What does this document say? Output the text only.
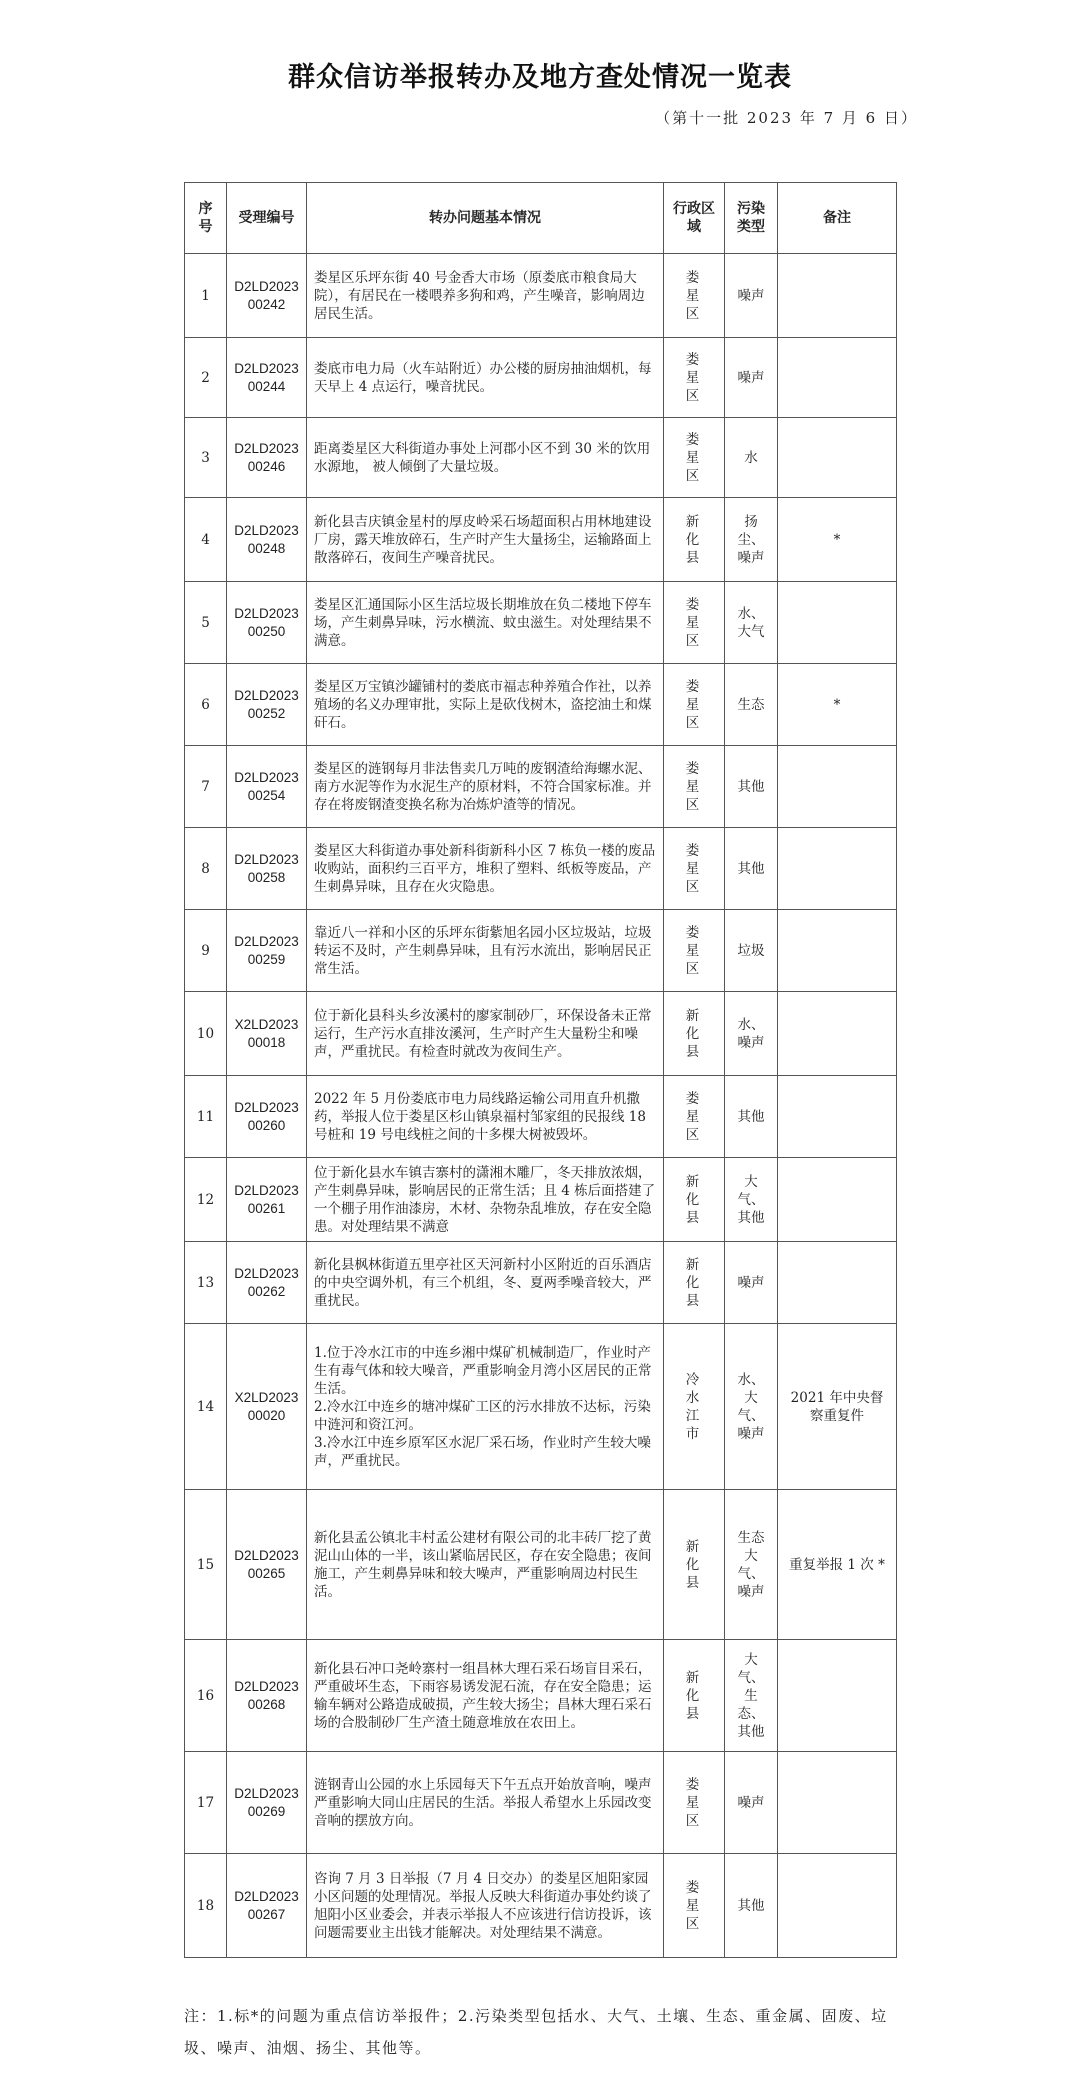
群众信访举报转办及地方查处情况一览表
（第十一批 2023 年 7 月 6 日）
序号	受理编号	转办问题基本情况	行政区域	污染类型	备注
1	D2LD2023 00242	娄星区乐坪东街 40 号金香大市场（原娄底市粮食局大院），有居民在一楼喂养多狗和鸡，产生噪音，影响周边居民生活。	娄星区	噪声	
2	D2LD2023 00244	娄底市电力局（火车站附近）办公楼的厨房抽油烟机，每天早上 4 点运行，噪音扰民。	娄星区	噪声	
3	D2LD2023 00246	距离娄星区大科街道办事处上河郡小区不到 30 米的饮用水源地， 被人倾倒了大量垃圾。	娄星区	水	
4	D2LD2023 00248	新化县吉庆镇金星村的厚皮岭采石场超面积占用林地建设厂房，露天堆放碎石，生产时产生大量扬尘，运输路面上散落碎石，夜间生产噪音扰民。	新化县	扬尘、噪声	*
5	D2LD2023 00250	娄星区汇通国际小区生活垃圾长期堆放在负二楼地下停车场，产生刺鼻异味，污水横流、蚊虫滋生。对处理结果不满意。	娄星区	水、大气	
6	D2LD2023 00252	娄星区万宝镇沙罐铺村的娄底市福志种养殖合作社，以养殖场的名义办理审批，实际上是砍伐树木，盗挖油土和煤矸石。	娄星区	生态	*
7	D2LD2023 00254	娄星区的涟钢每月非法售卖几万吨的废钢渣给海螺水泥、南方水泥等作为水泥生产的原材料，不符合国家标准。并存在将废钢渣变换名称为冶炼炉渣等的情况。	娄星区	其他	
8	D2LD2023 00258	娄星区大科街道办事处新科街新科小区 7 栋负一楼的废品收购站，面积约三百平方，堆积了塑料、纸板等废品，产生刺鼻异味，且存在火灾隐患。	娄星区	其他	
9	D2LD2023 00259	靠近八一祥和小区的乐坪东街紫旭名园小区垃圾站，垃圾转运不及时，产生刺鼻异味，且有污水流出，影响居民正常生活。	娄星区	垃圾	
10	X2LD2023 00018	位于新化县科头乡汝溪村的廖家制砂厂，环保设备未正常运行，生产污水直排汝溪河，生产时产生大量粉尘和噪声，严重扰民。有检查时就改为夜间生产。	新化县	水、噪声	
11	D2LD2023 00260	2022 年 5 月份娄底市电力局线路运输公司用直升机撒药，举报人位于娄星区杉山镇泉福村邹家组的民报线 18 号桩和 19 号电线桩之间的十多棵大树被毁坏。	娄星区	其他	
12	D2LD2023 00261	位于新化县水车镇吉寨村的潇湘木雕厂，冬天排放浓烟，产生刺鼻异味，影响居民的正常生活；且 4 栋后面搭建了一个棚子用作油漆房，木材、杂物杂乱堆放，存在安全隐患。对处理结果不满意	新化县	大气、其他	
13	D2LD2023 00262	新化县枫林街道五里亭社区天河新村小区附近的百乐酒店的中央空调外机，有三个机组，冬、夏两季噪音较大，严重扰民。	新化县	噪声	
14	X2LD2023 00020	1.位于冷水江市的中连乡湘中煤矿机械制造厂，作业时产生有毒气体和较大噪音，严重影响金月湾小区居民的正常生活。
2.冷水江中连乡的塘冲煤矿工区的污水排放不达标，污染中涟河和资江河。
3.冷水江中连乡原军区水泥厂采石场，作业时产生较大噪声，严重扰民。	冷水江市	水、大气、噪声	2021 年中央督察重复件
15	D2LD2023 00265	新化县孟公镇北丰村孟公建材有限公司的北丰砖厂挖了黄泥山山体的一半，该山紧临居民区，存在安全隐患；夜间施工，产生刺鼻异味和较大噪声，严重影响周边村民生活。	新化县	生态大气、噪声	重复举报 1 次 *
16	D2LD2023 00268	新化县石冲口尧岭寨村一组昌林大理石采石场盲目采石，严重破坏生态，下雨容易诱发泥石流，存在安全隐患；运输车辆对公路造成破损，产生较大扬尘；昌林大理石采石场的合股制砂厂生产渣土随意堆放在农田上。	新化县	大气、生态、其他	
17	D2LD2023 00269	涟钢青山公园的水上乐园每天下午五点开始放音响，噪声严重影响大同山庄居民的生活。举报人希望水上乐园改变音响的摆放方向。	娄星区	噪声	
18	D2LD2023 00267	咨询 7 月 3 日举报（7 月 4 日交办）的娄星区旭阳家园小区问题的处理情况。举报人反映大科街道办事处约谈了旭阳小区业委会，并表示举报人不应该进行信访投诉，该问题需要业主出钱才能解决。对处理结果不满意。	娄星区	其他	
注：1.标*的问题为重点信访举报件；2.污染类型包括水、大气、土壤、生态、重金属、固废、垃圾、噪声、油烟、扬尘、其他等。
